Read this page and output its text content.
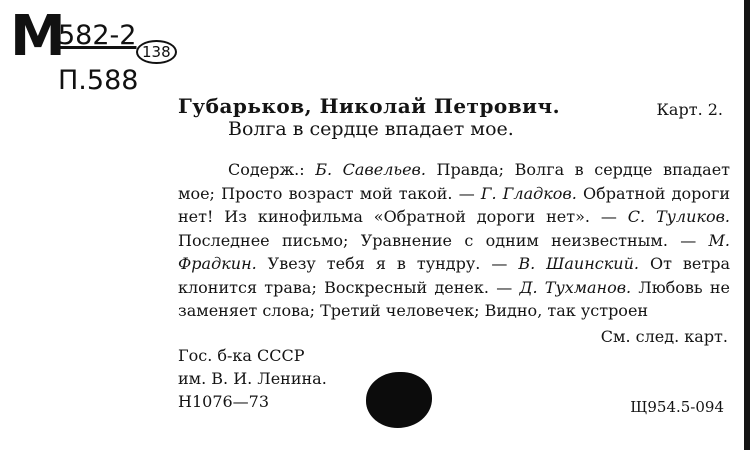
М
582-2
П.588
138
Карт. 2.
Губарьков, Николай Петрович.
Волга в сердце впадает мое.

Содерж.: Б. Савельев. Правда; Волга в сердце впадает мое; Просто возраст мой такой. — Г. Гладков. Обратной дороги нет! Из кинофильма «Обратной дороги нет». — С. Туликов. Последнее письмо; Уравнение с одним неизвестным. — М. Фрадкин. Увезу тебя я в тундру. — В. Шаинский. От ветра клонится трава; Воскресный денек. — Д. Тухманов. Любовь не заменяет слова; Третий человечек; Видно, так устроен

См. след. карт.
Гос. б-ка СССР
им. В. И. Ленина.
Н1076—73	Щ954.5-094
